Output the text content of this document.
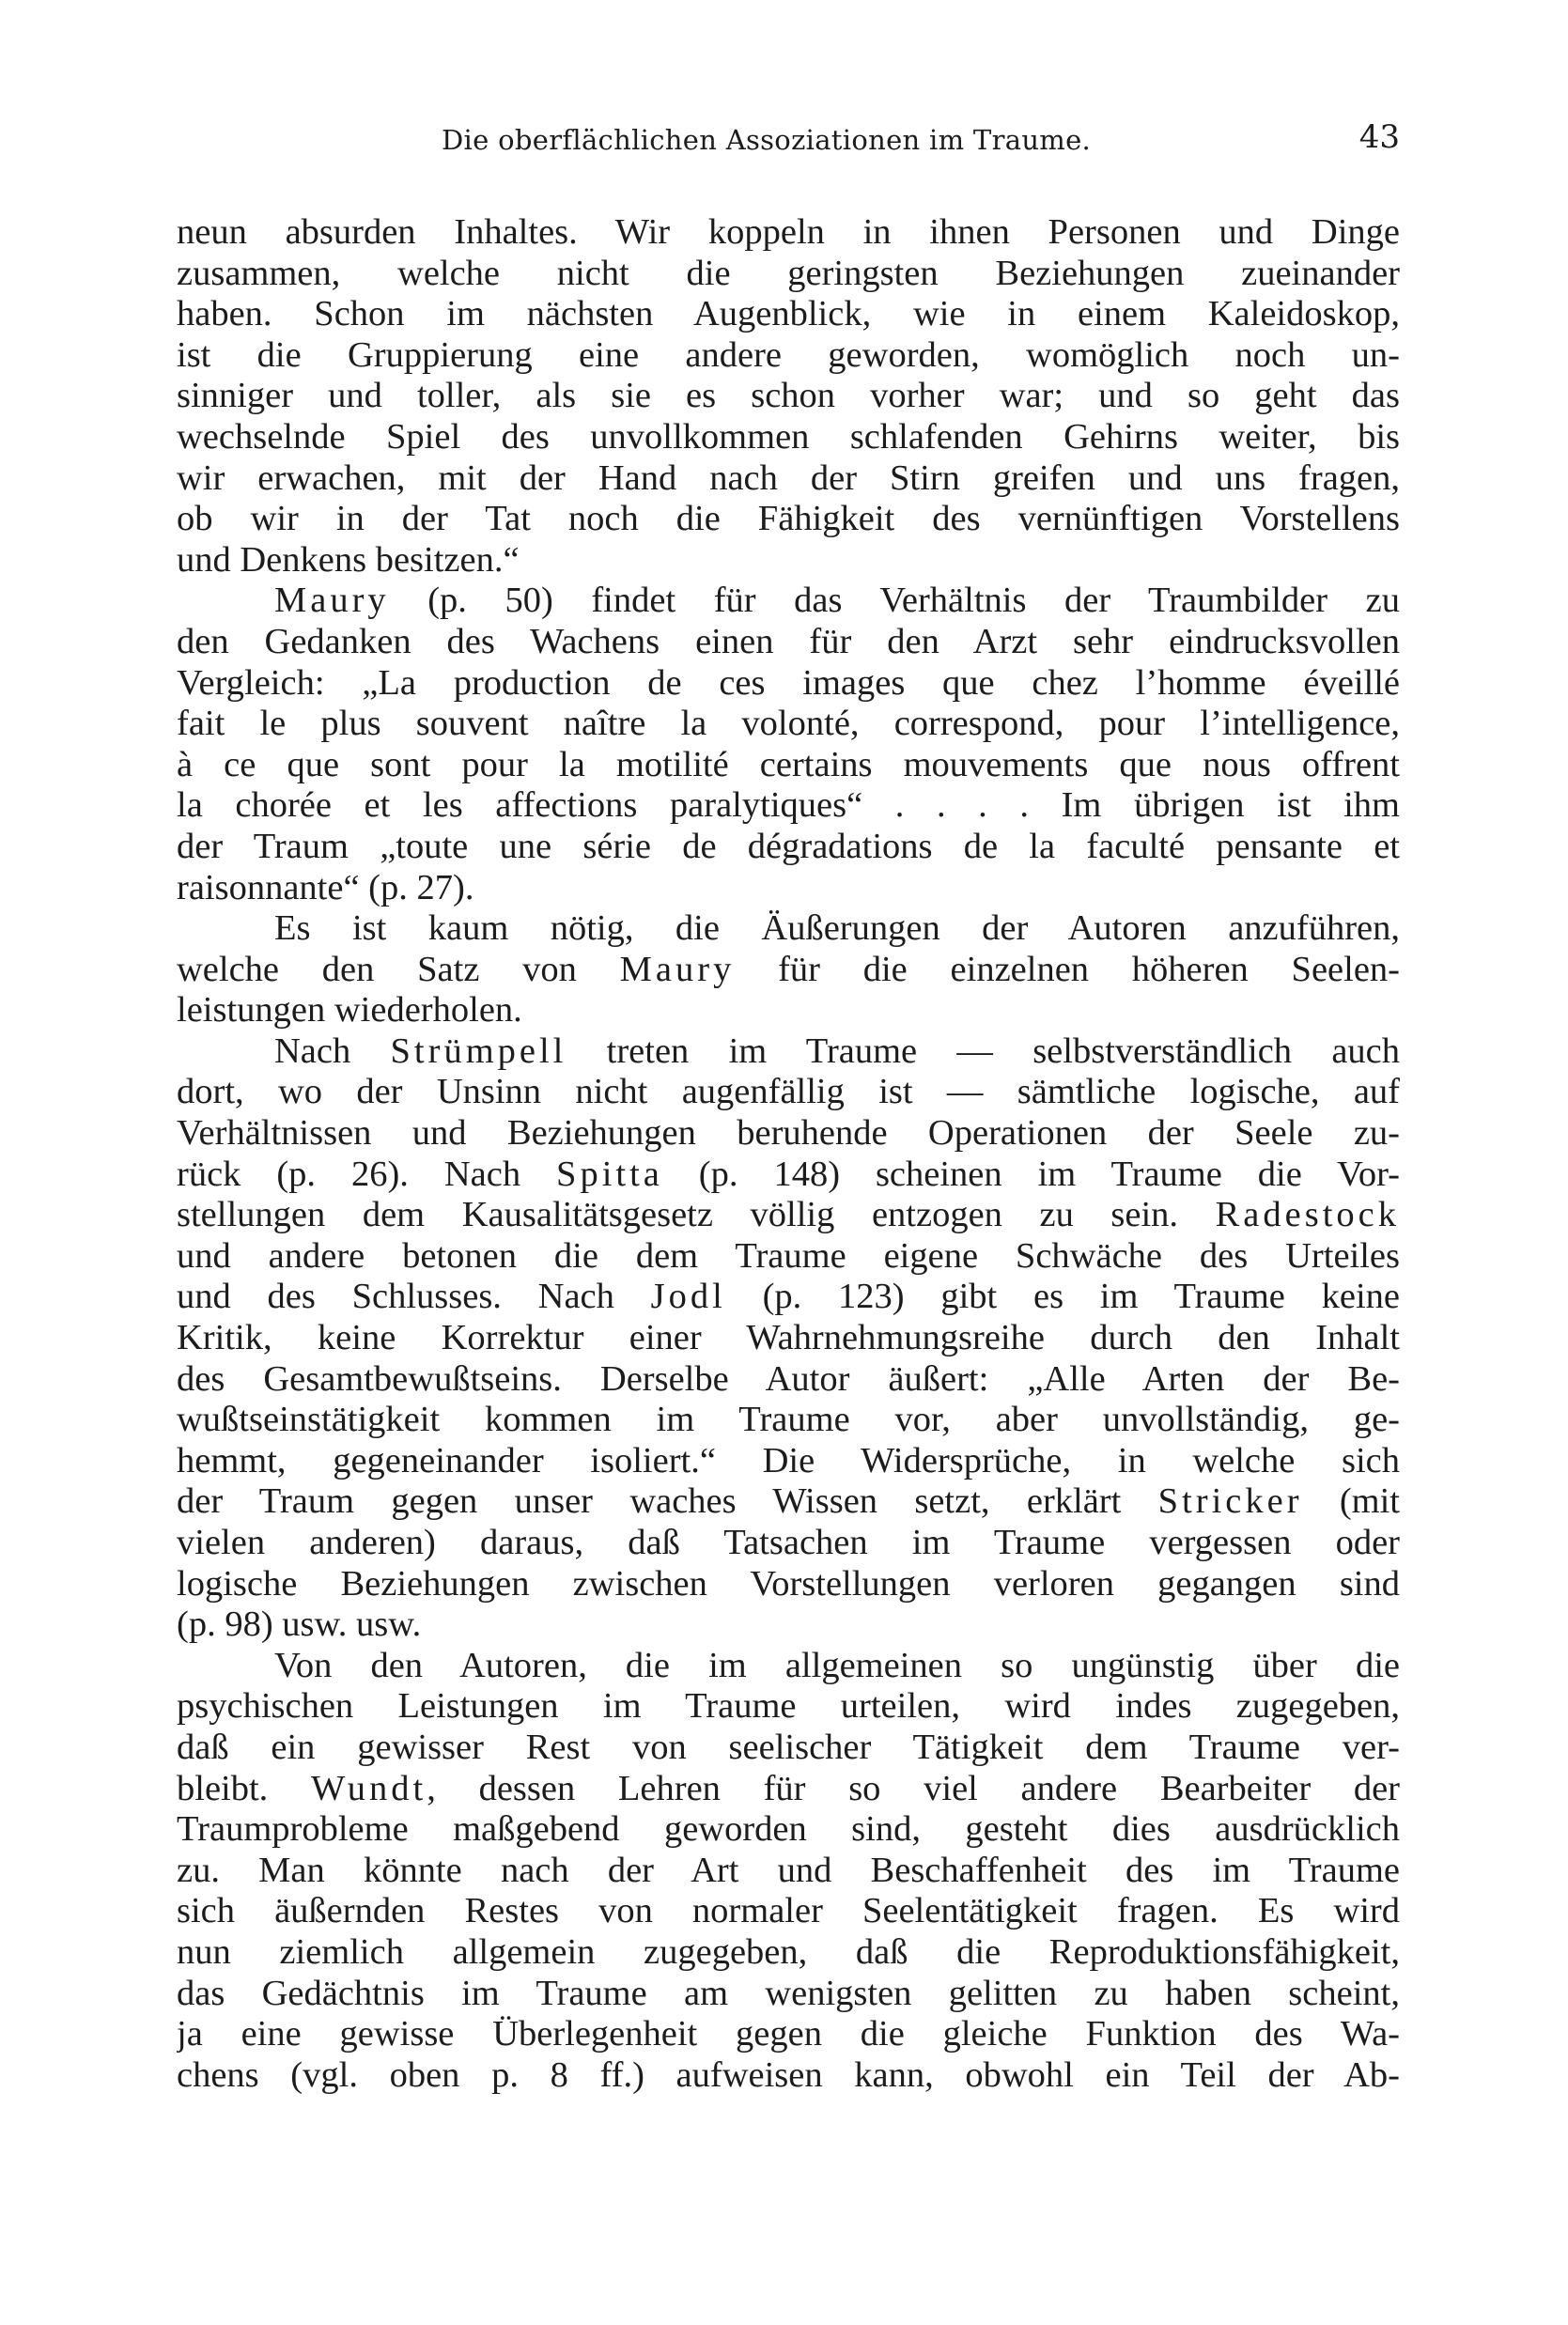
Die oberflächlichen Assoziationen im Traume.	43
neun absurden Inhaltes. Wir koppeln in ihnen Personen und Dinge
zusammen, welche nicht die geringsten Beziehungen zueinander
haben. Schon im nächsten Augenblick, wie in einem Kaleidoskop,
ist die Gruppierung eine andere geworden, womöglich noch un-
sinniger und toller, als sie es schon vorher war; und so geht das
wechselnde Spiel des unvollkommen schlafenden Gehirns weiter, bis
wir erwachen, mit der Hand nach der Stirn greifen und uns fragen,
ob wir in der Tat noch die Fähigkeit des vernünftigen Vorstellens
und Denkens besitzen.“
Maury (p. 50) findet für das Verhältnis der Traumbilder zu
den Gedanken des Wachens einen für den Arzt sehr eindrucksvollen
Vergleich: „La production de ces images que chez l’homme éveillé
fait le plus souvent naître la volonté, correspond, pour l’intelligence,
à ce que sont pour la motilité certains mouvements que nous offrent
la chorée et les affections paralytiques“ . . . . Im übrigen ist ihm
der Traum „toute une série de dégradations de la faculté pensante et
raisonnante“ (p. 27).
Es ist kaum nötig, die Äußerungen der Autoren anzuführen,
welche den Satz von Maury für die einzelnen höheren Seelen-
leistungen wiederholen.
Nach Strümpell treten im Traume — selbstverständlich auch
dort, wo der Unsinn nicht augenfällig ist — sämtliche logische, auf
Verhältnissen und Beziehungen beruhende Operationen der Seele zu-
rück (p. 26). Nach Spitta (p. 148) scheinen im Traume die Vor-
stellungen dem Kausalitätsgesetz völlig entzogen zu sein. Radestock
und andere betonen die dem Traume eigene Schwäche des Urteiles
und des Schlusses. Nach Jodl (p. 123) gibt es im Traume keine
Kritik, keine Korrektur einer Wahrnehmungsreihe durch den Inhalt
des Gesamtbewußtseins. Derselbe Autor äußert: „Alle Arten der Be-
wußtseinstätigkeit kommen im Traume vor, aber unvollständig, ge-
hemmt, gegeneinander isoliert.“ Die Widersprüche, in welche sich
der Traum gegen unser waches Wissen setzt, erklärt Stricker (mit
vielen anderen) daraus, daß Tatsachen im Traume vergessen oder
logische Beziehungen zwischen Vorstellungen verloren gegangen sind
(p. 98) usw. usw.
Von den Autoren, die im allgemeinen so ungünstig über die
psychischen Leistungen im Traume urteilen, wird indes zugegeben,
daß ein gewisser Rest von seelischer Tätigkeit dem Traume ver-
bleibt. Wundt, dessen Lehren für so viel andere Bearbeiter der
Traumprobleme maßgebend geworden sind, gesteht dies ausdrücklich
zu. Man könnte nach der Art und Beschaffenheit des im Traume
sich äußernden Restes von normaler Seelentätigkeit fragen. Es wird
nun ziemlich allgemein zugegeben, daß die Reproduktionsfähigkeit,
das Gedächtnis im Traume am wenigsten gelitten zu haben scheint,
ja eine gewisse Überlegenheit gegen die gleiche Funktion des Wa-
chens (vgl. oben p. 8 ff.) aufweisen kann, obwohl ein Teil der Ab-
